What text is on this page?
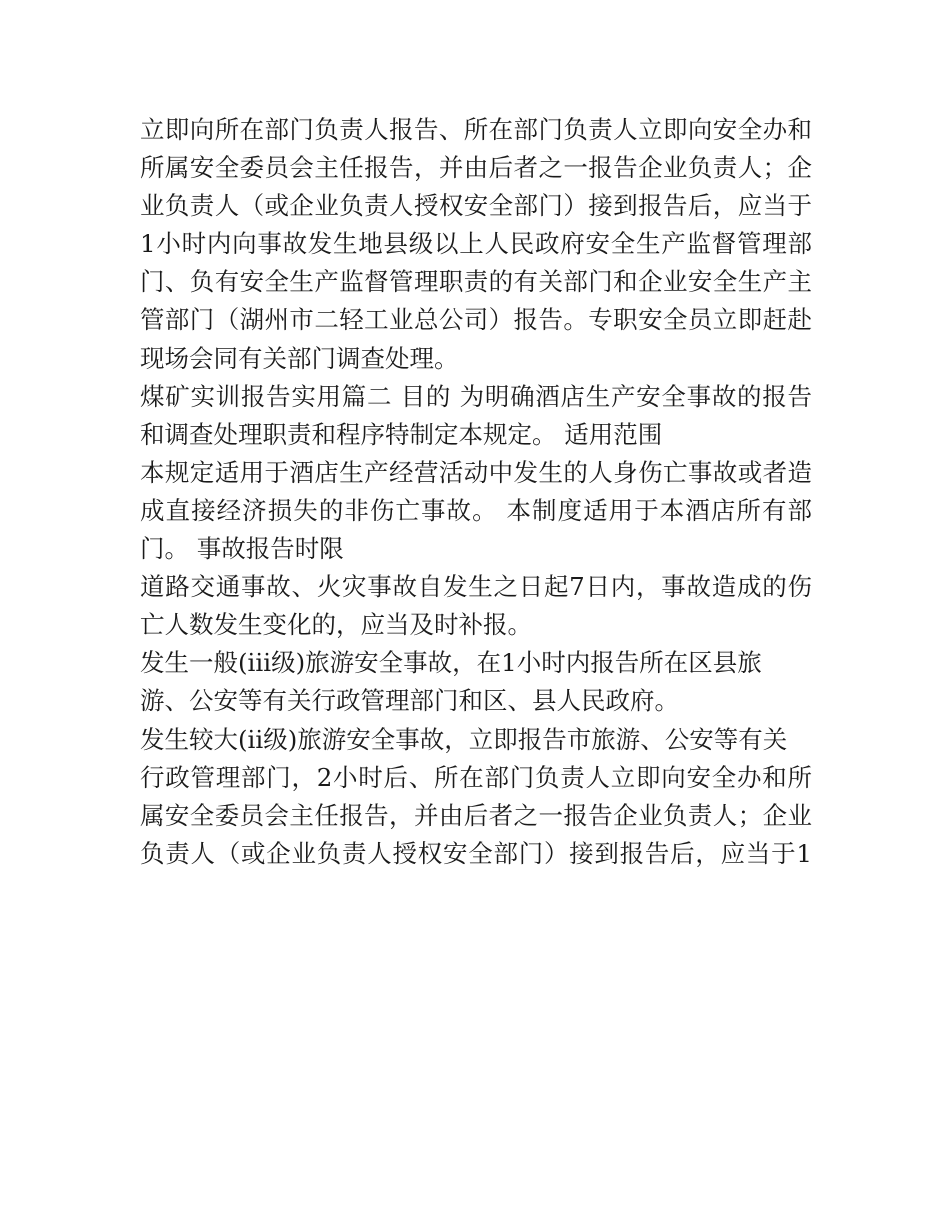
立即向所在部门负责人报告、所在部门负责人立即向安全办和
所属安全委员会主任报告，并由后者之一报告企业负责人；企
业负责人（或企业负责人授权安全部门）接到报告后，应当于
1小时内向事故发生地县级以上人民政府安全生产监督管理部
门、负有安全生产监督管理职责的有关部门和企业安全生产主
管部门（湖州市二轻工业总公司）报告。专职安全员立即赶赴
现场会同有关部门调查处理。
煤矿实训报告实用篇二 目的 为明确酒店生产安全事故的报告
和调查处理职责和程序特制定本规定。 适用范围
本规定适用于酒店生产经营活动中发生的人身伤亡事故或者造
成直接经济损失的非伤亡事故。 本制度适用于本酒店所有部
门。 事故报告时限
道路交通事故、火灾事故自发生之日起7日内，事故造成的伤
亡人数发生变化的，应当及时补报。
发生一般(iii级)旅游安全事故，在1小时内报告所在区县旅
游、公安等有关行政管理部门和区、县人民政府。
发生较大(ii级)旅游安全事故，立即报告市旅游、公安等有关
行政管理部门，2小时后、所在部门负责人立即向安全办和所
属安全委员会主任报告，并由后者之一报告企业负责人；企业
负责人（或企业负责人授权安全部门）接到报告后，应当于1
